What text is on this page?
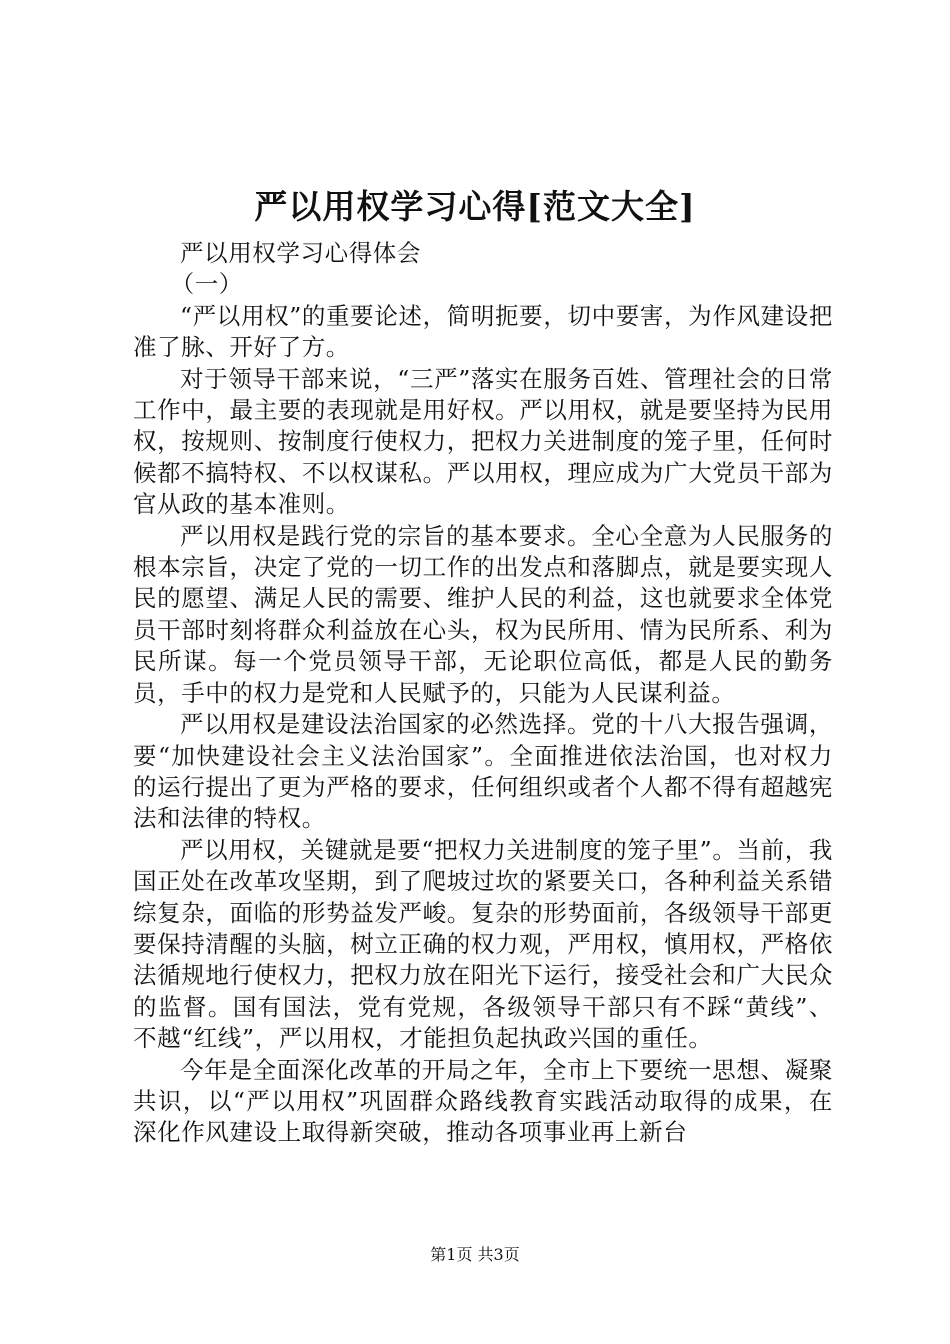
严以用权学习心得[范文大全]

严以用权学习心得体会

（一）

“严以用权”的重要论述，简明扼要，切中要害，为作风建设把准了脉、开好了方。

对于领导干部来说，“三严”落实在服务百姓、管理社会的日常工作中，最主要的表现就是用好权。严以用权，就是要坚持为民用权，按规则、按制度行使权力，把权力关进制度的笼子里，任何时候都不搞特权、不以权谋私。严以用权，理应成为广大党员干部为官从政的基本准则。

严以用权是践行党的宗旨的基本要求。全心全意为人民服务的根本宗旨，决定了党的一切工作的出发点和落脚点，就是要实现人民的愿望、满足人民的需要、维护人民的利益，这也就要求全体党员干部时刻将群众利益放在心头，权为民所用、情为民所系、利为民所谋。每一个党员领导干部，无论职位高低，都是人民的勤务员，手中的权力是党和人民赋予的，只能为人民谋利益。

严以用权是建设法治国家的必然选择。党的十八大报告强调，要“加快建设社会主义法治国家”。全面推进依法治国，也对权力的运行提出了更为严格的要求，任何组织或者个人都不得有超越宪法和法律的特权。

严以用权，关键就是要“把权力关进制度的笼子里”。当前，我国正处在改革攻坚期，到了爬坡过坎的紧要关口，各种利益关系错综复杂，面临的形势益发严峻。复杂的形势面前，各级领导干部更要保持清醒的头脑，树立正确的权力观，严用权，慎用权，严格依法循规地行使权力，把权力放在阳光下运行，接受社会和广大民众的监督。国有国法，党有党规，各级领导干部只有不踩“黄线”、不越“红线”，严以用权，才能担负起执政兴国的重任。

今年是全面深化改革的开局之年，全市上下要统一思想、凝聚共识，以“严以用权”巩固群众路线教育实践活动取得的成果，在深化作风建设上取得新突破，推动各项事业再上新台

第1页 共3页
